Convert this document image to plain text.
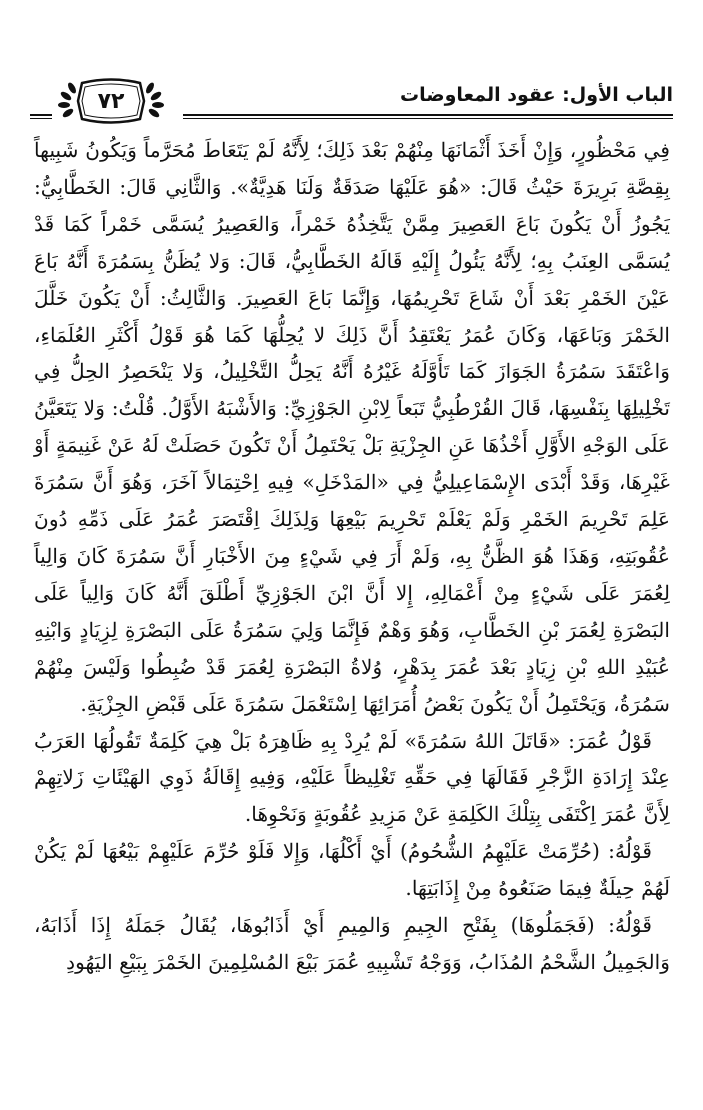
الباب الأول: عقود المعاوضات
٧٢

فِي مَحْظُورٍ، وَإِنْ أَخَذَ أَثْمَانَهَا مِنْهُمْ بَعْدَ ذَلِكَ؛ لِأَنَّهُ لَمْ يَتَعَاطَ مُحَرَّماً وَيَكُونُ شَبِيهاً بِقِصَّةِ بَرِيرَةَ حَيْثُ قَالَ: «هُوَ عَلَيْهَا صَدَقَةٌ وَلَنَا هَدِيَّةٌ». وَالثَّانِي قَالَ: الخَطَّابِيُّ: يَجُوزُ أَنْ يَكُونَ بَاعَ العَصِيرَ مِمَّنْ يَتَّخِذُهُ خَمْراً، وَالعَصِيرُ يُسَمَّى خَمْراً كَمَا قَدْ يُسَمَّى العِنَبُ بِهِ؛ لِأَنَّهُ يَئُولُ إِلَيْهِ قَالَهُ الخَطَّابِيُّ، قَالَ: وَلا يُظَنُّ بِسَمُرَةَ أَنَّهُ بَاعَ عَيْنَ الخَمْرِ بَعْدَ أَنْ شَاعَ تَحْرِيمُهَا، وَإِنَّمَا بَاعَ العَصِيرَ. وَالثَّالِثُ: أَنْ يَكُونَ خَلَّلَ الخَمْرَ وَبَاعَهَا، وَكَانَ عُمَرُ يَعْتَقِدُ أَنَّ ذَلِكَ لا يُحِلُّهَا كَمَا هُوَ قَوْلُ أَكْثَرِ العُلَمَاءِ، وَاعْتَقَدَ سَمُرَةُ الجَوَازَ كَمَا تَأَوَّلَهُ غَيْرُهُ أَنَّهُ يَحِلُّ التَّخْلِيلُ، وَلا يَنْحَصِرُ الحِلُّ فِي تَخْلِيلِهَا بِنَفْسِهَا، قَالَ القُرْطُبِيُّ تَبَعاً لِابْنِ الجَوْزِيِّ: وَالأَشْبَهُ الأَوَّلُ. قُلْتُ: وَلا يَتَعَيَّنُ عَلَى الوَجْهِ الأَوَّلِ أَخْذُهَا عَنِ الجِزْيَةِ بَلْ يَحْتَمِلُ أَنْ تَكُونَ حَصَلَتْ لَهُ عَنْ غَنِيمَةٍ أَوْ غَيْرِهَا، وَقَدْ أَبْدَى الإِسْمَاعِيلِيُّ فِي «المَدْخَلِ» فِيهِ اِحْتِمَالاً آخَرَ، وَهُوَ أَنَّ سَمُرَةَ عَلِمَ تَحْرِيمَ الخَمْرِ وَلَمْ يَعْلَمْ تَحْرِيمَ بَيْعِهَا وَلِذَلِكَ اِقْتَصَرَ عُمَرُ عَلَى ذَمِّهِ دُونَ عُقُوبَتِهِ، وَهَذَا هُوَ الظَّنُّ بِهِ، وَلَمْ أَرَ فِي شَيْءٍ مِنَ الأَخْبَارِ أَنَّ سَمُرَةَ كَانَ وَالِياً لِعُمَرَ عَلَى شَيْءٍ مِنْ أَعْمَالِهِ، إِلا أَنَّ ابْنَ الجَوْزِيِّ أَطْلَقَ أَنَّهُ كَانَ وَالِياً عَلَى البَصْرَةِ لِعُمَرَ بْنِ الخَطَّابِ، وَهُوَ وَهْمٌ فَإِنَّمَا وَلِيَ سَمُرَةُ عَلَى البَصْرَةِ لِزِيَادٍ وَابْنِهِ عُبَيْدِ اللهِ بْنِ زِيَادٍ بَعْدَ عُمَرَ بِدَهْرٍ، وُلاةُ البَصْرَةِ لِعُمَرَ قَدْ ضُبِطُوا وَلَيْسَ مِنْهُمْ سَمُرَةُ، وَيَحْتَمِلُ أَنْ يَكُونَ بَعْضُ أُمَرَائِهَا اِسْتَعْمَلَ سَمُرَةَ عَلَى قَبْضِ الجِزْيَةِ.

قَوْلُ عُمَرَ: «قَاتَلَ اللهُ سَمُرَةَ» لَمْ يُرِدْ بِهِ ظَاهِرَهُ بَلْ هِيَ كَلِمَةٌ تَقُولُهَا العَرَبُ عِنْدَ إِرَادَةِ الزَّجْرِ فَقَالَهَا فِي حَقِّهِ تَغْلِيظاً عَلَيْهِ، وَفِيهِ إِقَالَةُ ذَوِي الهَيْئَاتِ زَلاتِهِمْ لِأَنَّ عُمَرَ اِكْتَفَى بِتِلْكَ الكَلِمَةِ عَنْ مَزِيدِ عُقُوبَةٍ وَنَحْوِهَا.

قَوْلُهُ: (حُرِّمَتْ عَلَيْهِمُ الشُّحُومُ) أَيْ أَكْلُهَا، وَإِلا فَلَوْ حُرِّمَ عَلَيْهِمْ بَيْعُهَا لَمْ يَكُنْ لَهُمْ حِيلَةٌ فِيمَا صَنَعُوهُ مِنْ إِذَابَتِهَا.

قَوْلُهُ: (فَجَمَلُوهَا) بِفَتْحِ الجِيمِ وَالمِيمِ أَيْ أَذَابُوهَا، يُقَالُ جَمَلَهُ إِذَا أَذَابَهُ، وَالجَمِيلُ الشَّحْمُ المُذَابُ، وَوَجْهُ تَشْبِيهِ عُمَرَ بَيْعَ المُسْلِمِينَ الخَمْرَ بِبَيْعِ اليَهُودِ
